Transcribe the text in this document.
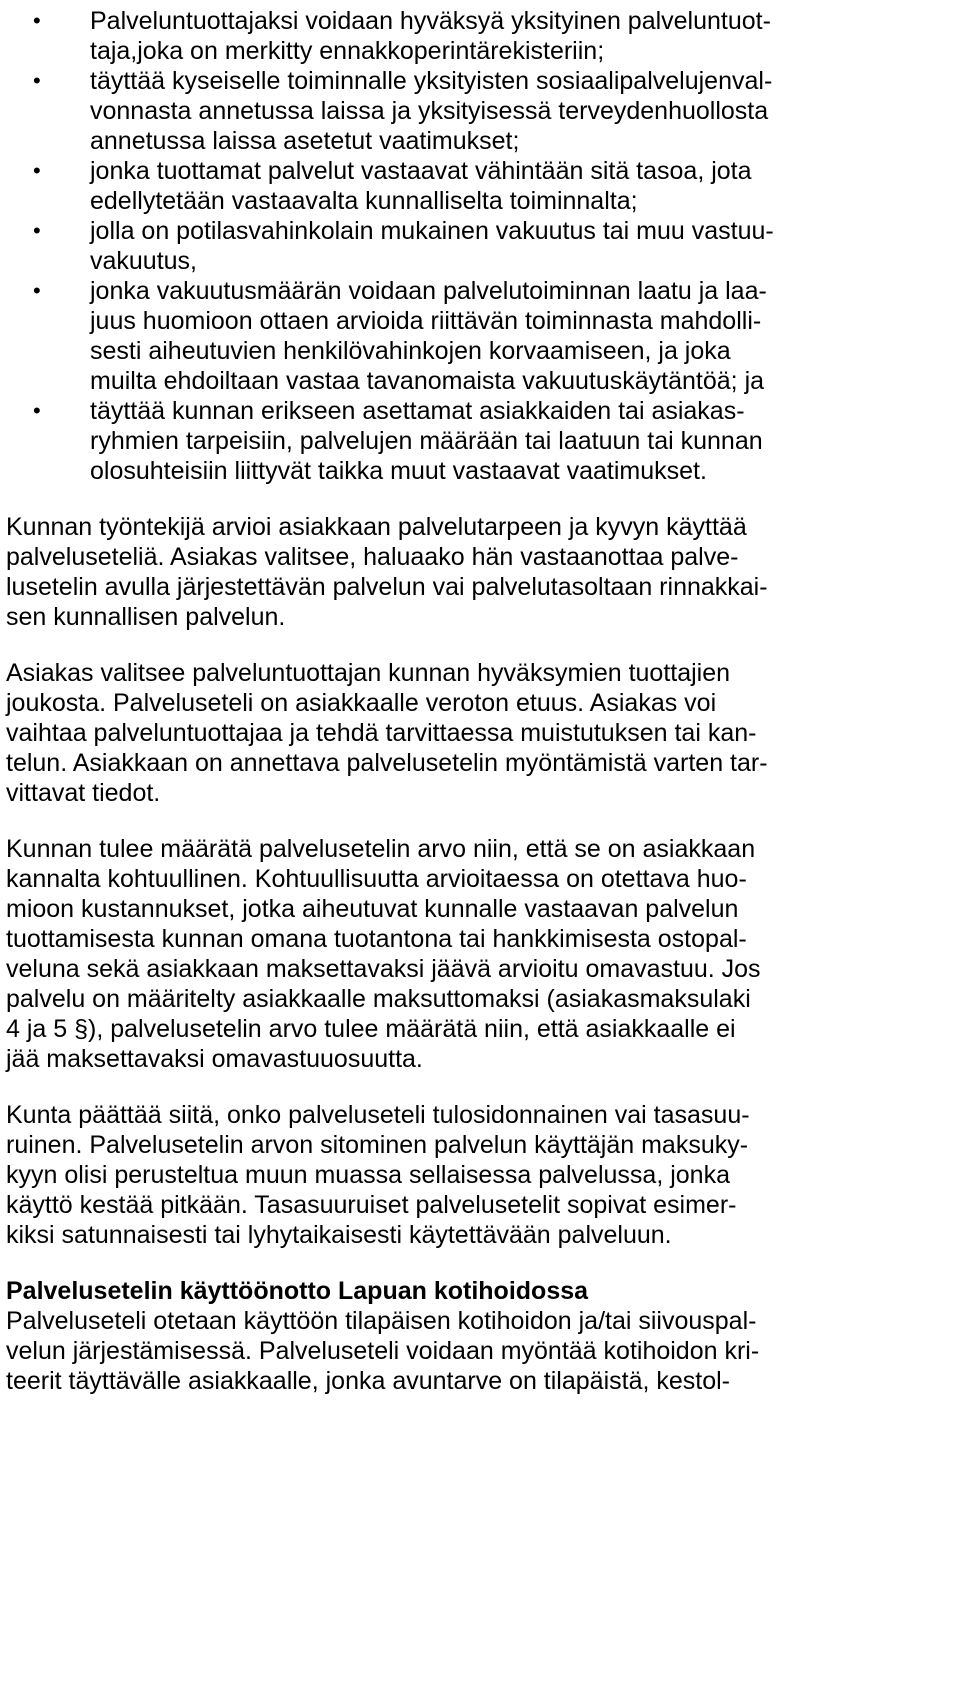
• Palveluntuottajaksi voidaan hyväksyä yksityinen palveluntuot-
taja,joka on merkitty ennakkoperintärekisteriin;
• täyttää kyseiselle toiminnalle yksityisten sosiaalipalvelujenval-
vonnasta annetussa laissa ja yksityisessä terveydenhuollosta
annetussa laissa asetetut vaatimukset;
• jonka tuottamat palvelut vastaavat vähintään sitä tasoa, jota
edellytetään vastaavalta kunnalliselta toiminnalta;
• jolla on potilasvahinkolain mukainen vakuutus tai muu vastuu-
vakuutus,
• jonka vakuutusmäärän voidaan palvelutoiminnan laatu ja laa-
juus huomioon ottaen arvioida riittävän toiminnasta mahdolli-
sesti aiheutuvien henkilövahinkojen korvaamiseen, ja joka
muilta ehdoiltaan vastaa tavanomaista vakuutuskäytäntöä; ja
• täyttää kunnan erikseen asettamat asiakkaiden tai asiakas-
ryhmien tarpeisiin, palvelujen määrään tai laatuun tai kunnan
olosuhteisiin liittyvät taikka muut vastaavat vaatimukset.
Kunnan työntekijä arvioi asiakkaan palvelutarpeen ja kyvyn käyttää
palveluseteliä. Asiakas valitsee, haluaako hän vastaanottaa palve-
lusetelin avulla järjestettävän palvelun vai palvelutasoltaan rinnakkai-
sen kunnallisen palvelun.
Asiakas valitsee palveluntuottajan kunnan hyväksymien tuottajien
joukosta. Palveluseteli on asiakkaalle veroton etuus. Asiakas voi
vaihtaa palveluntuottajaa ja tehdä tarvittaessa muistutuksen tai kan-
telun. Asiakkaan on annettava palvelusetelin myöntämistä varten tar-
vittavat tiedot.
Kunnan tulee määrätä palvelusetelin arvo niin, että se on asiakkaan
kannalta kohtuullinen. Kohtuullisuutta arvioitaessa on otettava huo-
mioon kustannukset, jotka aiheutuvat kunnalle vastaavan palvelun
tuottamisesta kunnan omana tuotantona tai hankkimisesta ostopal-
veluna sekä asiakkaan maksettavaksi jäävä arvioitu omavastuu. Jos
palvelu on määritelty asiakkaalle maksuttomaksi (asiakasmaksulaki
4 ja 5 §), palvelusetelin arvo tulee määrätä niin, että asiakkaalle ei
jää maksettavaksi omavastuuosuutta.
Kunta päättää siitä, onko palveluseteli tulosidonnainen vai tasasuu-
ruinen. Palvelusetelin arvon sitominen palvelun käyttäjän maksuky-
kyyn olisi perusteltua muun muassa sellaisessa palvelussa, jonka
käyttö kestää pitkään. Tasasuuruiset palvelusetelit sopivat esimer-
kiksi satunnaisesti tai lyhytaikaisesti käytettävään palveluun.
Palvelusetelin käyttöönotto Lapuan kotihoidossa
Palveluseteli otetaan käyttöön tilapäisen kotihoidon ja/tai siivouspal-
velun järjestämisessä. Palveluseteli voidaan myöntää kotihoidon kri-
teerit täyttävälle asiakkaalle, jonka avuntarve on tilapäistä, kestol-
